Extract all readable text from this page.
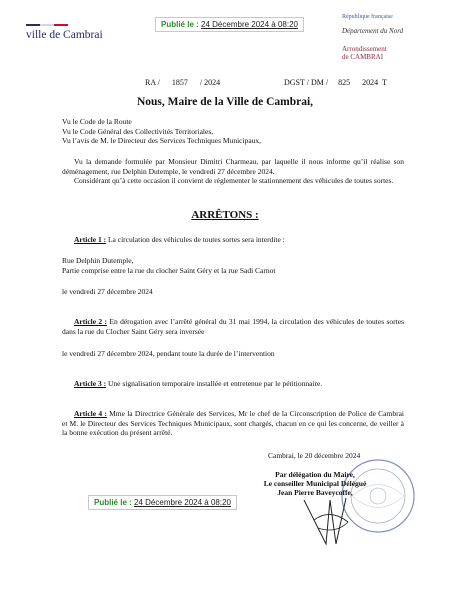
ville de Cambrai
Publié le : 24 Décembre 2024 à 08:20
République française
Département du Nord
Arrondissement
de CAMBRAI
RA /      1857      / 2024	DGST / DM /     825      2024  T
Nous, Maire de la Ville de Cambrai,
Vu le Code de la Route
Vu le Code Général des Collectivités Territoriales,
Vu l’avis de M. le Directeur des Services Techniques Municipaux,
Vu la demande formulée par Monsieur Dimitri Charmeau, par laquelle il nous informe qu’il réalise son déménagement, rue Delphin Dutemple, le vendredi 27 décembre 2024.
Considérant qu’à cette occasion il convient de réglementer le stationnement des véhicules de toutes sortes.
ARRÊTONS :
Article 1 : La circulation des véhicules de toutes sortes sera interdite :
Rue Delphin Dutemple,
Partie comprise entre la rue du clocher Saint Géry et la rue Sadi Carnot
le vendredi 27 décembre 2024
Article 2 : En dérogation avec l’arrêté général du 31 mai 1994, la circulation des véhicules de toutes sortes dans la rue du Clocher Saint Géry sera inversée
le vendredi 27 décembre 2024, pendant toute la durée de l’intervention
Article 3 : Une signalisation temporaire installée et entretenue par le pétitionnaire.
Article 4 : Mme la Directrice Générale des Services, Mr le chef de la Circonscription de Police de Cambrai et M. le Directeur des Services Techniques Municipaux, sont chargés, chacun en ce qui les concerne, de veiller à la bonne exécution du présent arrêté.
Cambrai, le 20 décembre 2024
Par délégation du Maire,
Le conseiller Municipal Délégué
Jean Pierre Baveycoffe,
Publié le : 24 Décembre 2024 à 08:20
